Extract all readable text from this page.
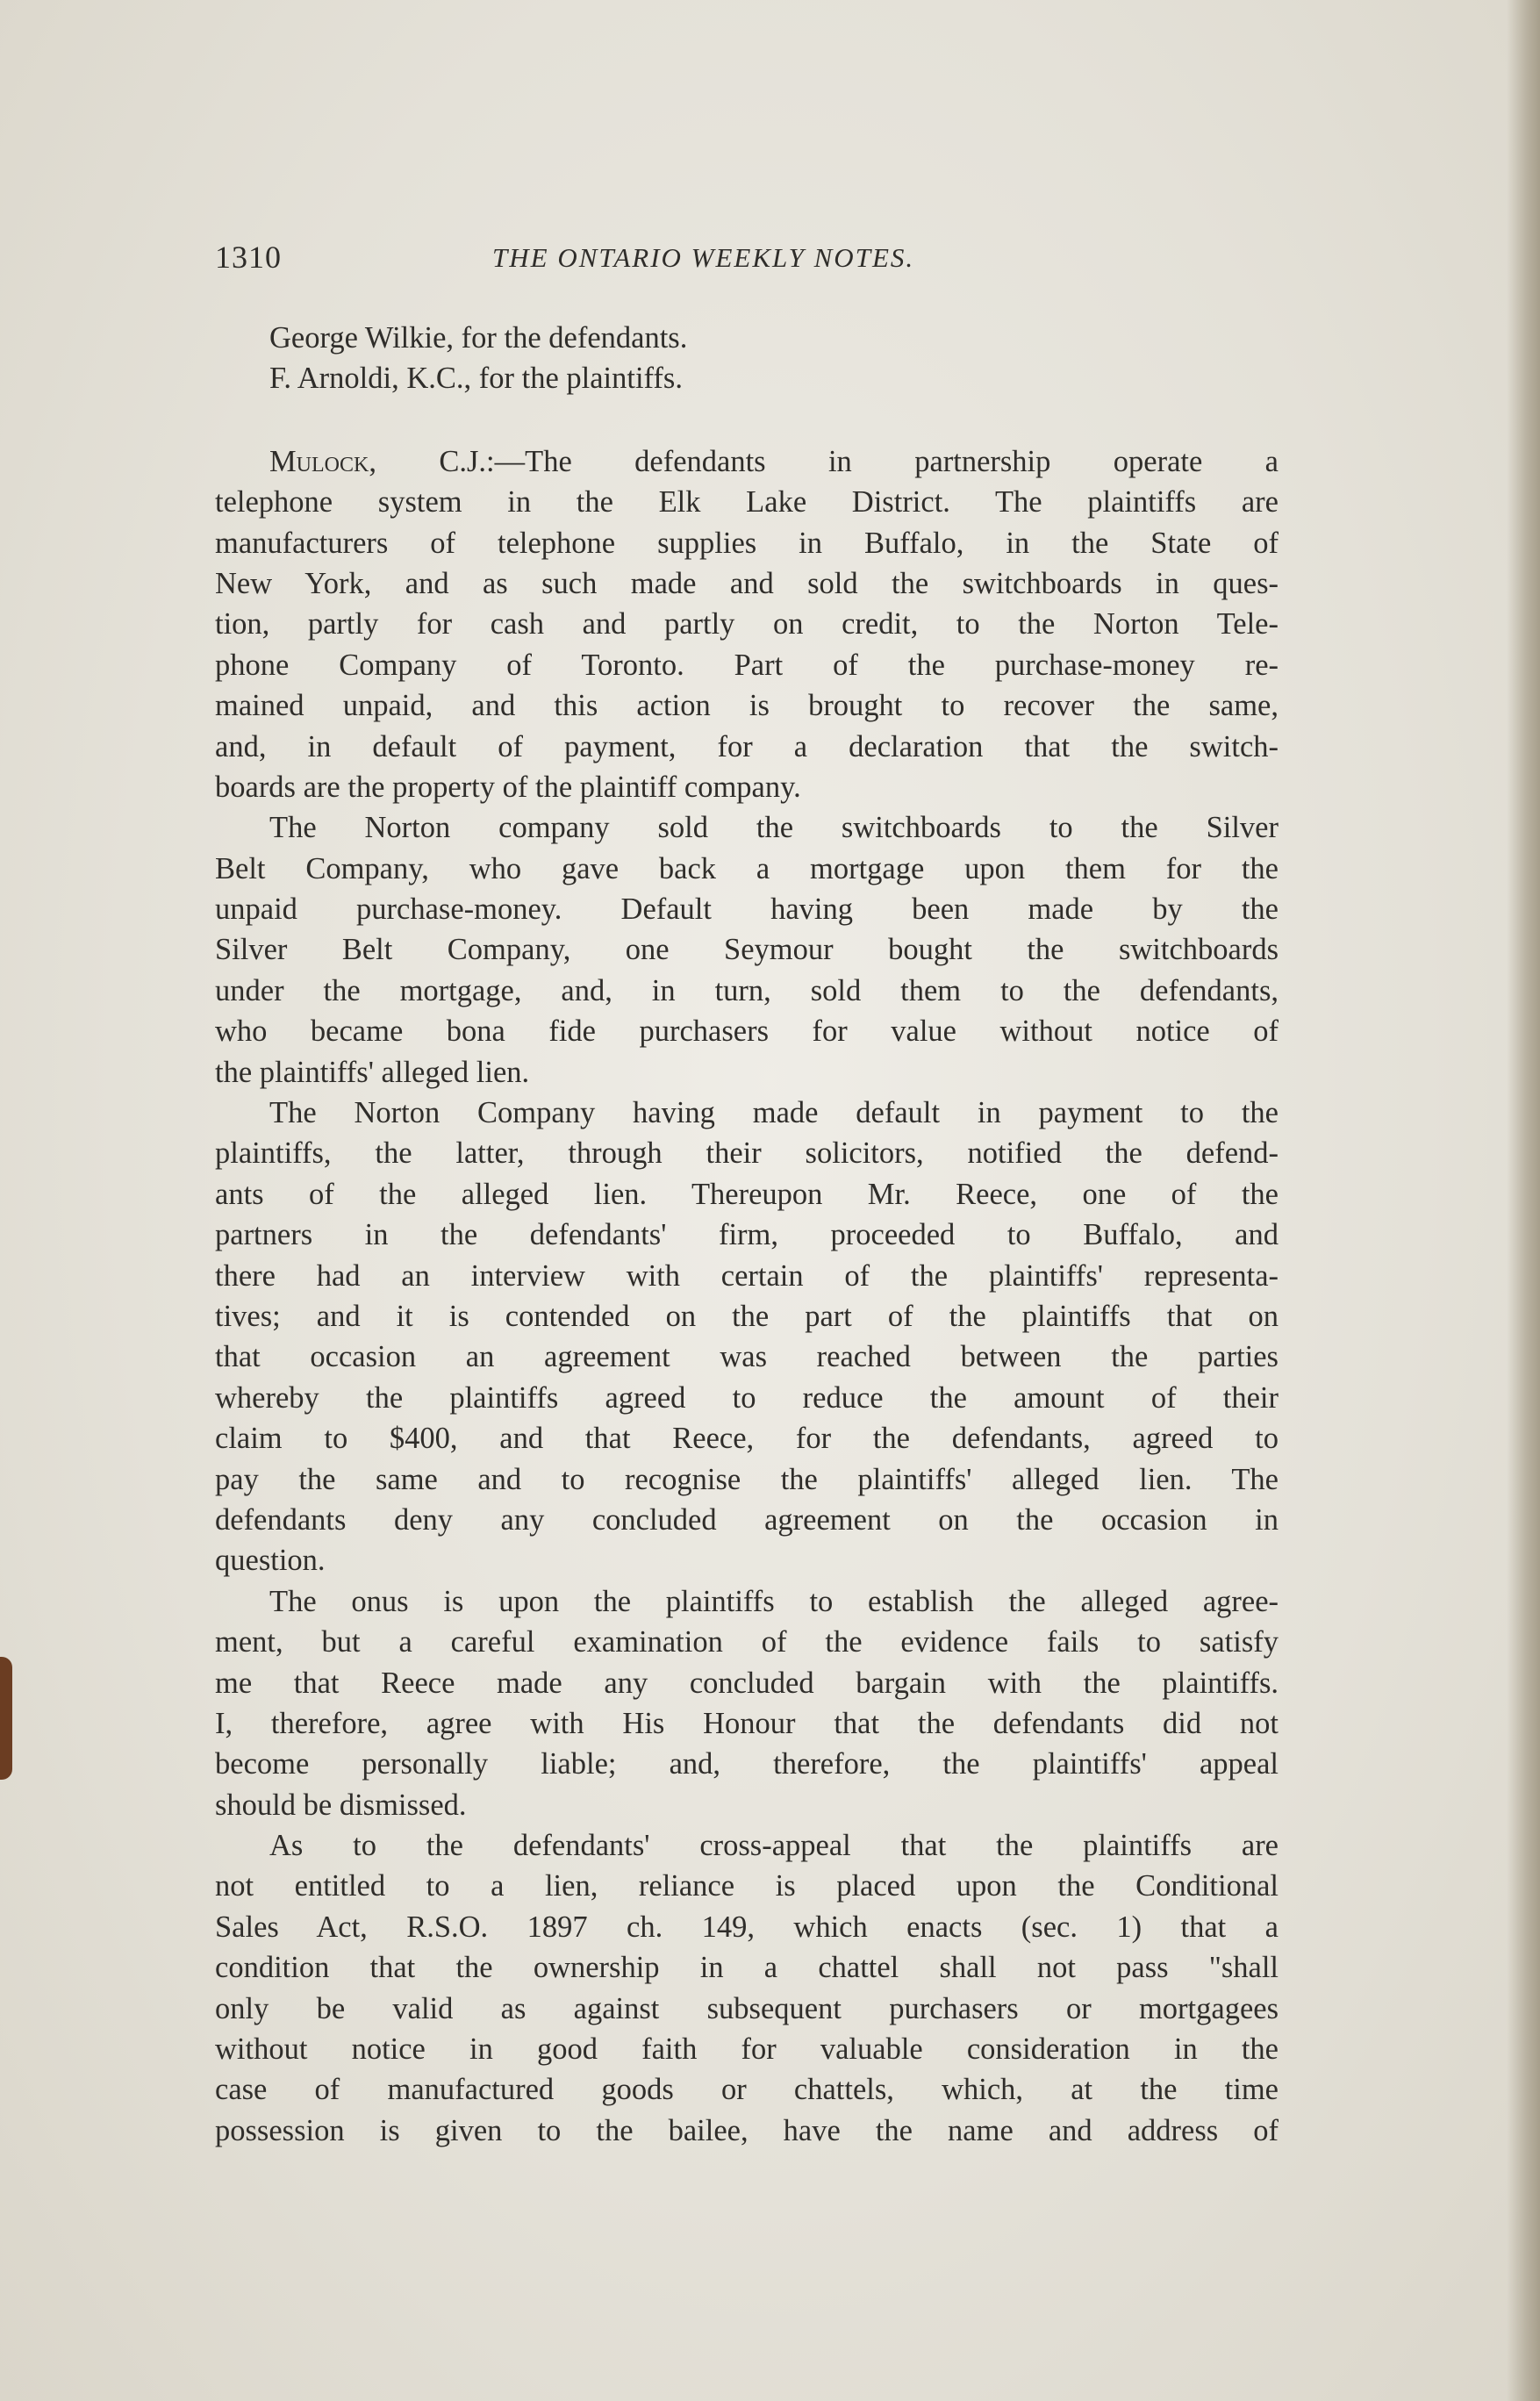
1310	THE ONTARIO WEEKLY NOTES.
George Wilkie, for the defendants.
F. Arnoldi, K.C., for the plaintiffs.
Mulock, C.J.:—The defendants in partnership operate a
telephone system in the Elk Lake District. The plaintiffs are
manufacturers of telephone supplies in Buffalo, in the State of
New York, and as such made and sold the switchboards in ques-
tion, partly for cash and partly on credit, to the Norton Tele-
phone Company of Toronto. Part of the purchase-money re-
mained unpaid, and this action is brought to recover the same,
and, in default of payment, for a declaration that the switch-
boards are the property of the plaintiff company.
The Norton company sold the switchboards to the Silver
Belt Company, who gave back a mortgage upon them for the
unpaid purchase-money. Default having been made by the
Silver Belt Company, one Seymour bought the switchboards
under the mortgage, and, in turn, sold them to the defendants,
who became bona fide purchasers for value without notice of
the plaintiffs' alleged lien.
The Norton Company having made default in payment to the
plaintiffs, the latter, through their solicitors, notified the defend-
ants of the alleged lien. Thereupon Mr. Reece, one of the
partners in the defendants' firm, proceeded to Buffalo, and
there had an interview with certain of the plaintiffs' representa-
tives; and it is contended on the part of the plaintiffs that on
that occasion an agreement was reached between the parties
whereby the plaintiffs agreed to reduce the amount of their
claim to $400, and that Reece, for the defendants, agreed to
pay the same and to recognise the plaintiffs' alleged lien. The
defendants deny any concluded agreement on the occasion in
question.
The onus is upon the plaintiffs to establish the alleged agree-
ment, but a careful examination of the evidence fails to satisfy
me that Reece made any concluded bargain with the plaintiffs.
I, therefore, agree with His Honour that the defendants did not
become personally liable; and, therefore, the plaintiffs' appeal
should be dismissed.
As to the defendants' cross-appeal that the plaintiffs are
not entitled to a lien, reliance is placed upon the Conditional
Sales Act, R.S.O. 1897 ch. 149, which enacts (sec. 1) that a
condition that the ownership in a chattel shall not pass "shall
only be valid as against subsequent purchasers or mortgagees
without notice in good faith for valuable consideration in the
case of manufactured goods or chattels, which, at the time
possession is given to the bailee, have the name and address of
